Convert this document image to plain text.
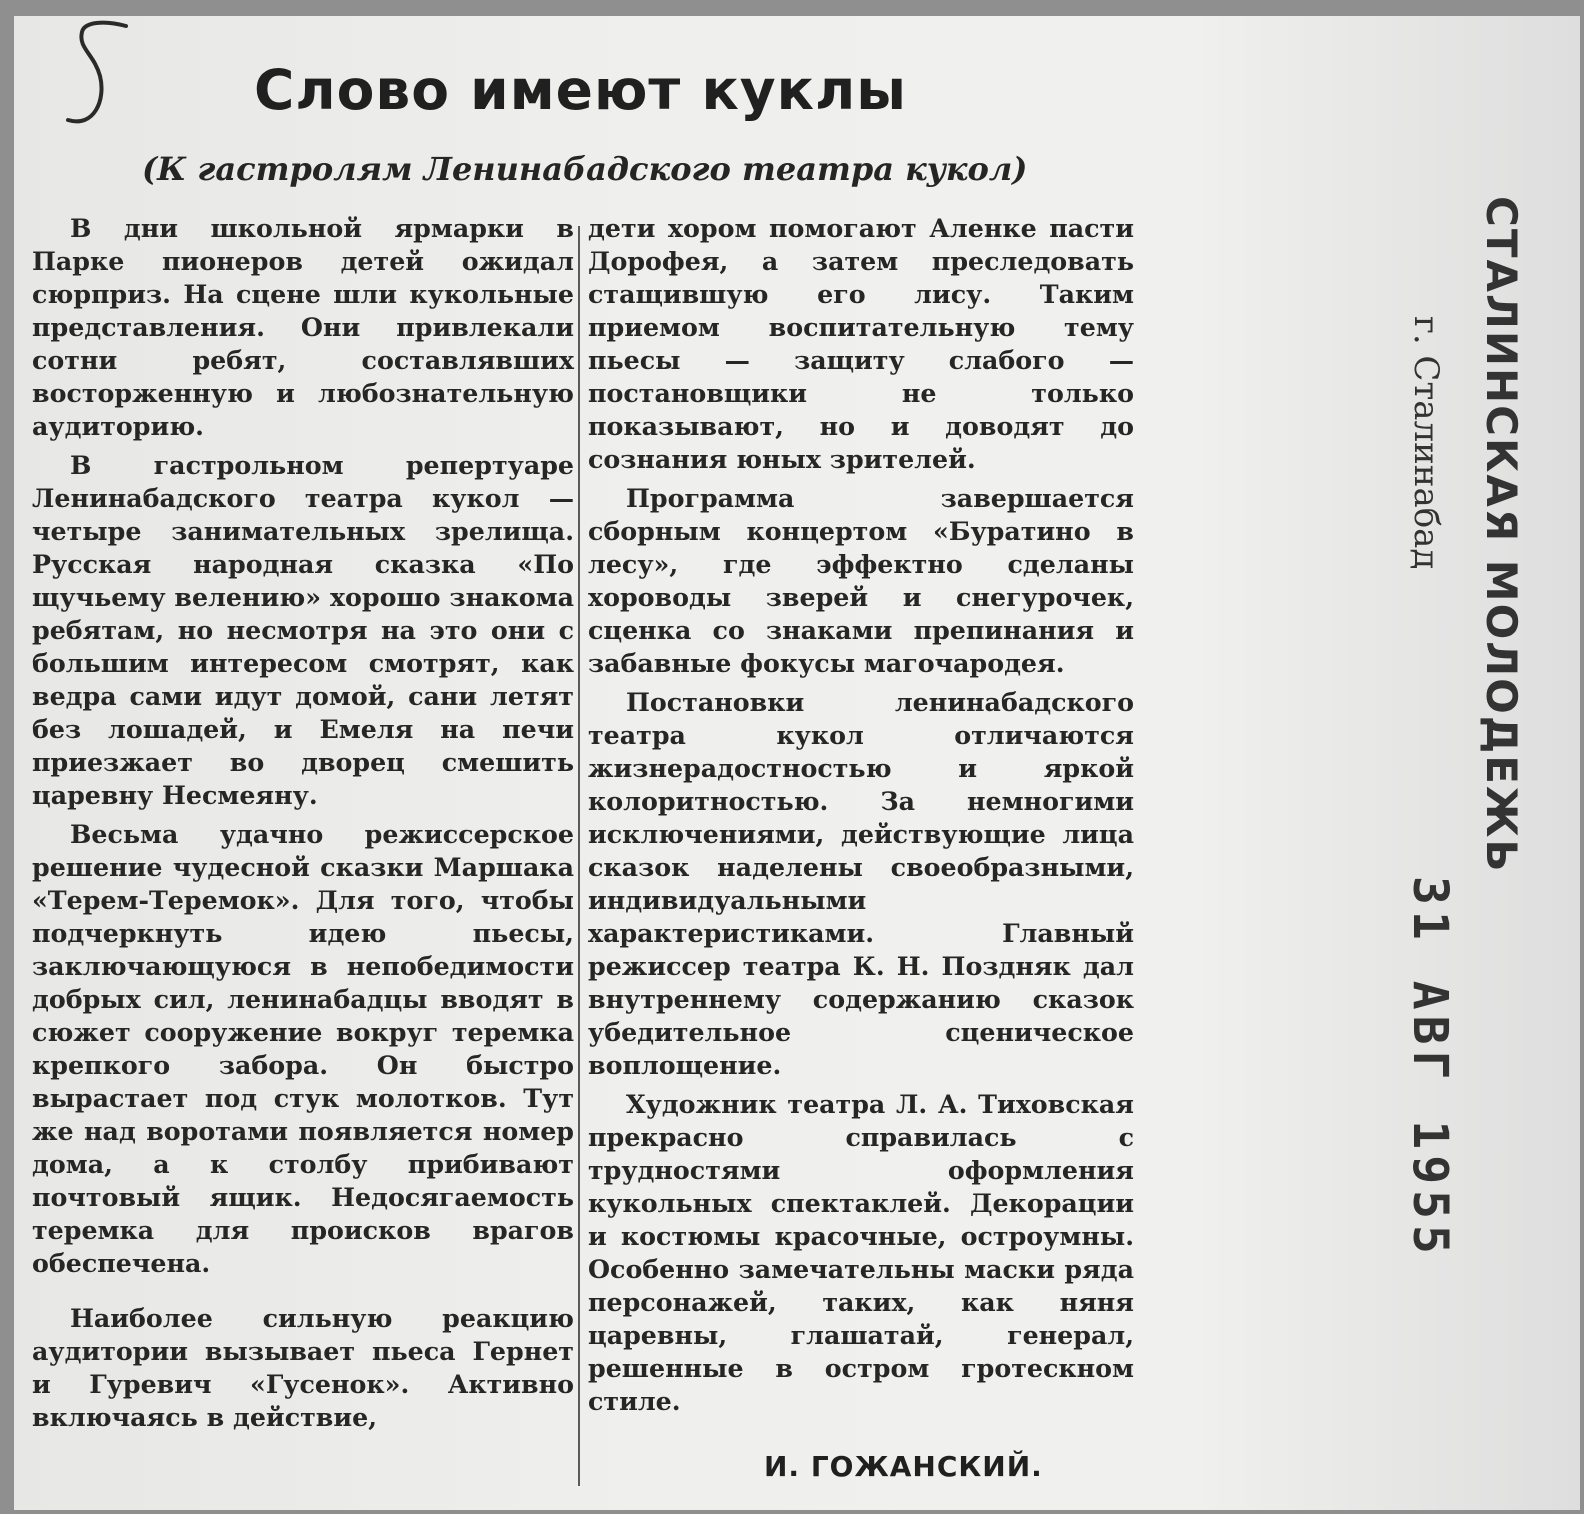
Слово имеют куклы
(К гастролям Ленинабадского театра кукол)

В дни школьной ярмарки в Парке пионеров детей ожидал сюрприз. На сцене шли кукольные представления. Они привлекали сотни ребят, составлявших восторженную и любознательную аудиторию.

В гастрольном репертуаре Ленинабадского театра кукол — четыре занимательных зрелища. Русская народная сказка «По щучьему велению» хорошо знакома ребятам, но несмотря на это они с большим интересом смотрят, как ведра сами идут домой, сани летят без лошадей, и Емеля на печи приезжает во дворец смешить царевну Несмеяну.

Весьма удачно режиссерское решение чудесной сказки Маршака «Терем-Теремок». Для того, чтобы подчеркнуть идею пьесы, заключающуюся в непобедимости добрых сил, ленинабадцы вводят в сюжет сооружение вокруг теремка крепкого забора. Он быстро вырастает под стук молотков. Тут же над воротами появляется номер дома, а к столбу прибивают почтовый ящик. Недосягаемость теремка для происков врагов обеспечена.

Наиболее сильную реакцию аудитории вызывает пьеса Гернет и Гуревич «Гусенок». Активно включаясь в действие,

дети хором помогают Аленке пасти Дорофея, а затем преследовать стащившую его лису. Таким приемом воспитательную тему пьесы — защиту слабого — постановщики не только показывают, но и доводят до сознания юных зрителей.

Программа завершается сборным концертом «Буратино в лесу», где эффектно сделаны хороводы зверей и снегурочек, сценка со знаками препинания и забавные фокусы магочародея.

Постановки ленинабадского театра кукол отличаются жизнерадостностью и яркой колоритностью. За немногими исключениями, действующие лица сказок наделены своеобразными, индивидуальными характеристиками. Главный режиссер театра К. Н. Поздняк дал внутреннему содержанию сказок убедительное сценическое воплощение.

Художник театра Л. А. Тиховская прекрасно справилась с трудностями оформления кукольных спектаклей. Декорации и костюмы красочные, остроумны. Особенно замечательны маски ряда персонажей, таких, как няня царевны, глашатай, генерал, решенные в остром гротескном стиле.

И. ГОЖАНСКИЙ.
СТАЛИНСКАЯ МОЛОДЕЖЬ
г. Сталинабад
31 АВГ 1955
